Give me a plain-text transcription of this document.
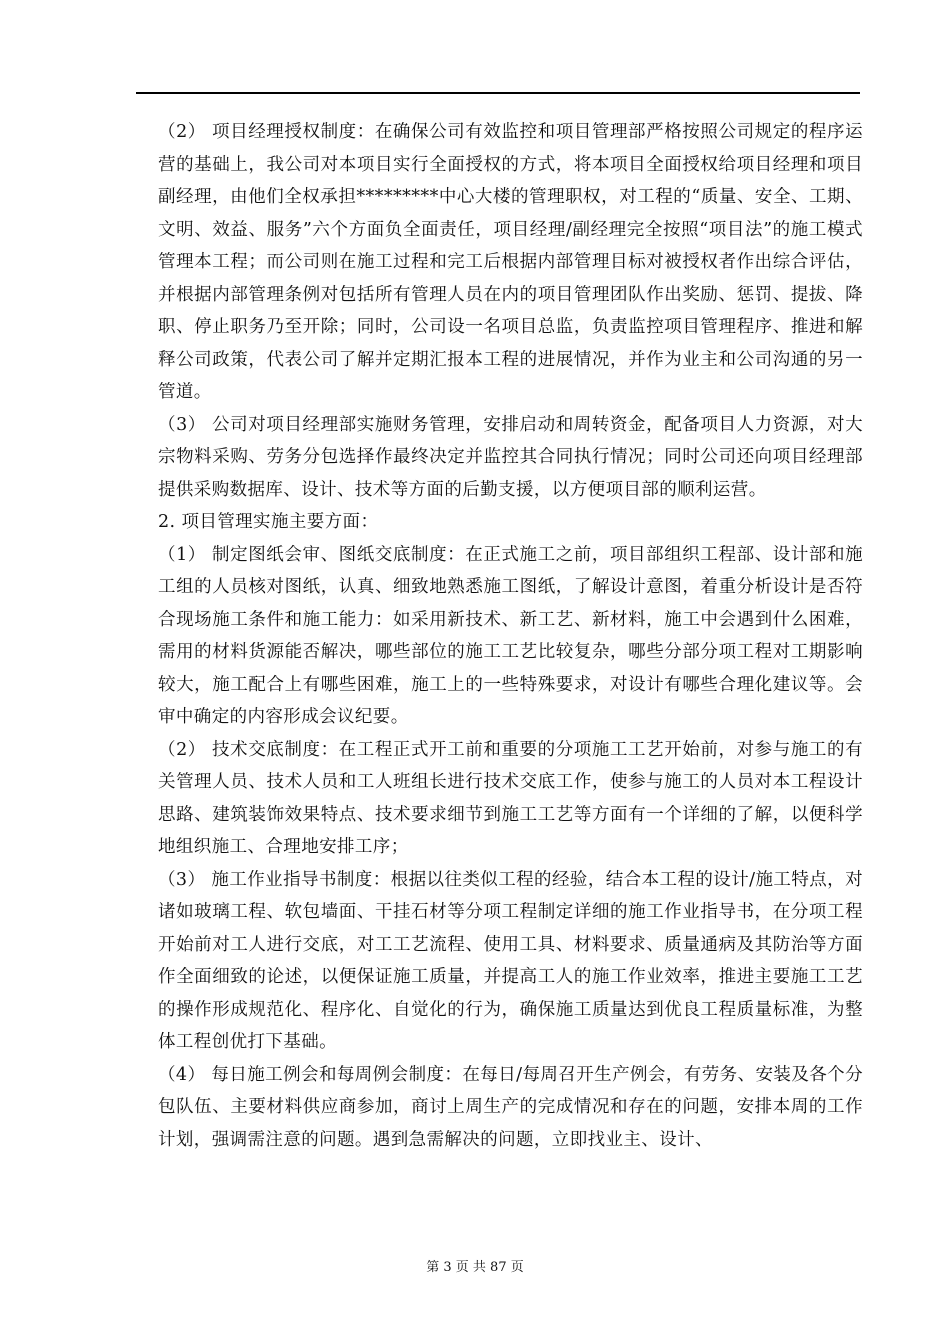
（2） 项目经理授权制度：在确保公司有效监控和项目管理部严格按照公司规定的程序运营的基础上，我公司对本项目实行全面授权的方式，将本项目全面授权给项目经理和项目副经理，由他们全权承担*********中心大楼的管理职权，对工程的“质量、安全、工期、文明、效益、服务”六个方面负全面责任，项目经理/副经理完全按照“项目法”的施工模式管理本工程；而公司则在施工过程和完工后根据内部管理目标对被授权者作出综合评估，并根据内部管理条例对包括所有管理人员在内的项目管理团队作出奖励、惩罚、提拔、降职、停止职务乃至开除；同时，公司设一名项目总监，负责监控项目管理程序、推进和解释公司政策，代表公司了解并定期汇报本工程的进展情况，并作为业主和公司沟通的另一管道。

（3） 公司对项目经理部实施财务管理，安排启动和周转资金，配备项目人力资源，对大宗物料采购、劳务分包选择作最终决定并监控其合同执行情况；同时公司还向项目经理部提供采购数据库、设计、技术等方面的后勤支援，以方便项目部的顺利运营。

2. 项目管理实施主要方面：

（1） 制定图纸会审、图纸交底制度：在正式施工之前，项目部组织工程部、设计部和施工组的人员核对图纸，认真、细致地熟悉施工图纸，了解设计意图，着重分析设计是否符合现场施工条件和施工能力：如采用新技术、新工艺、新材料，施工中会遇到什么困难，需用的材料货源能否解决，哪些部位的施工工艺比较复杂，哪些分部分项工程对工期影响较大，施工配合上有哪些困难，施工上的一些特殊要求，对设计有哪些合理化建议等。会审中确定的内容形成会议纪要。

（2） 技术交底制度：在工程正式开工前和重要的分项施工工艺开始前，对参与施工的有关管理人员、技术人员和工人班组长进行技术交底工作，使参与施工的人员对本工程设计思路、建筑装饰效果特点、技术要求细节到施工工艺等方面有一个详细的了解，以便科学地组织施工、合理地安排工序；

（3） 施工作业指导书制度：根据以往类似工程的经验，结合本工程的设计/施工特点，对诸如玻璃工程、软包墙面、干挂石材等分项工程制定详细的施工作业指导书，在分项工程开始前对工人进行交底，对工工艺流程、使用工具、材料要求、质量通病及其防治等方面作全面细致的论述，以便保证施工质量，并提高工人的施工作业效率，推进主要施工工艺的操作形成规范化、程序化、自觉化的行为，确保施工质量达到优良工程质量标准，为整体工程创优打下基础。

（4） 每日施工例会和每周例会制度：在每日/每周召开生产例会，有劳务、安装及各个分包队伍、主要材料供应商参加，商讨上周生产的完成情况和存在的问题，安排本周的工作计划，强调需注意的问题。遇到急需解决的问题，立即找业主、设计、

第 3 页 共 87 页
